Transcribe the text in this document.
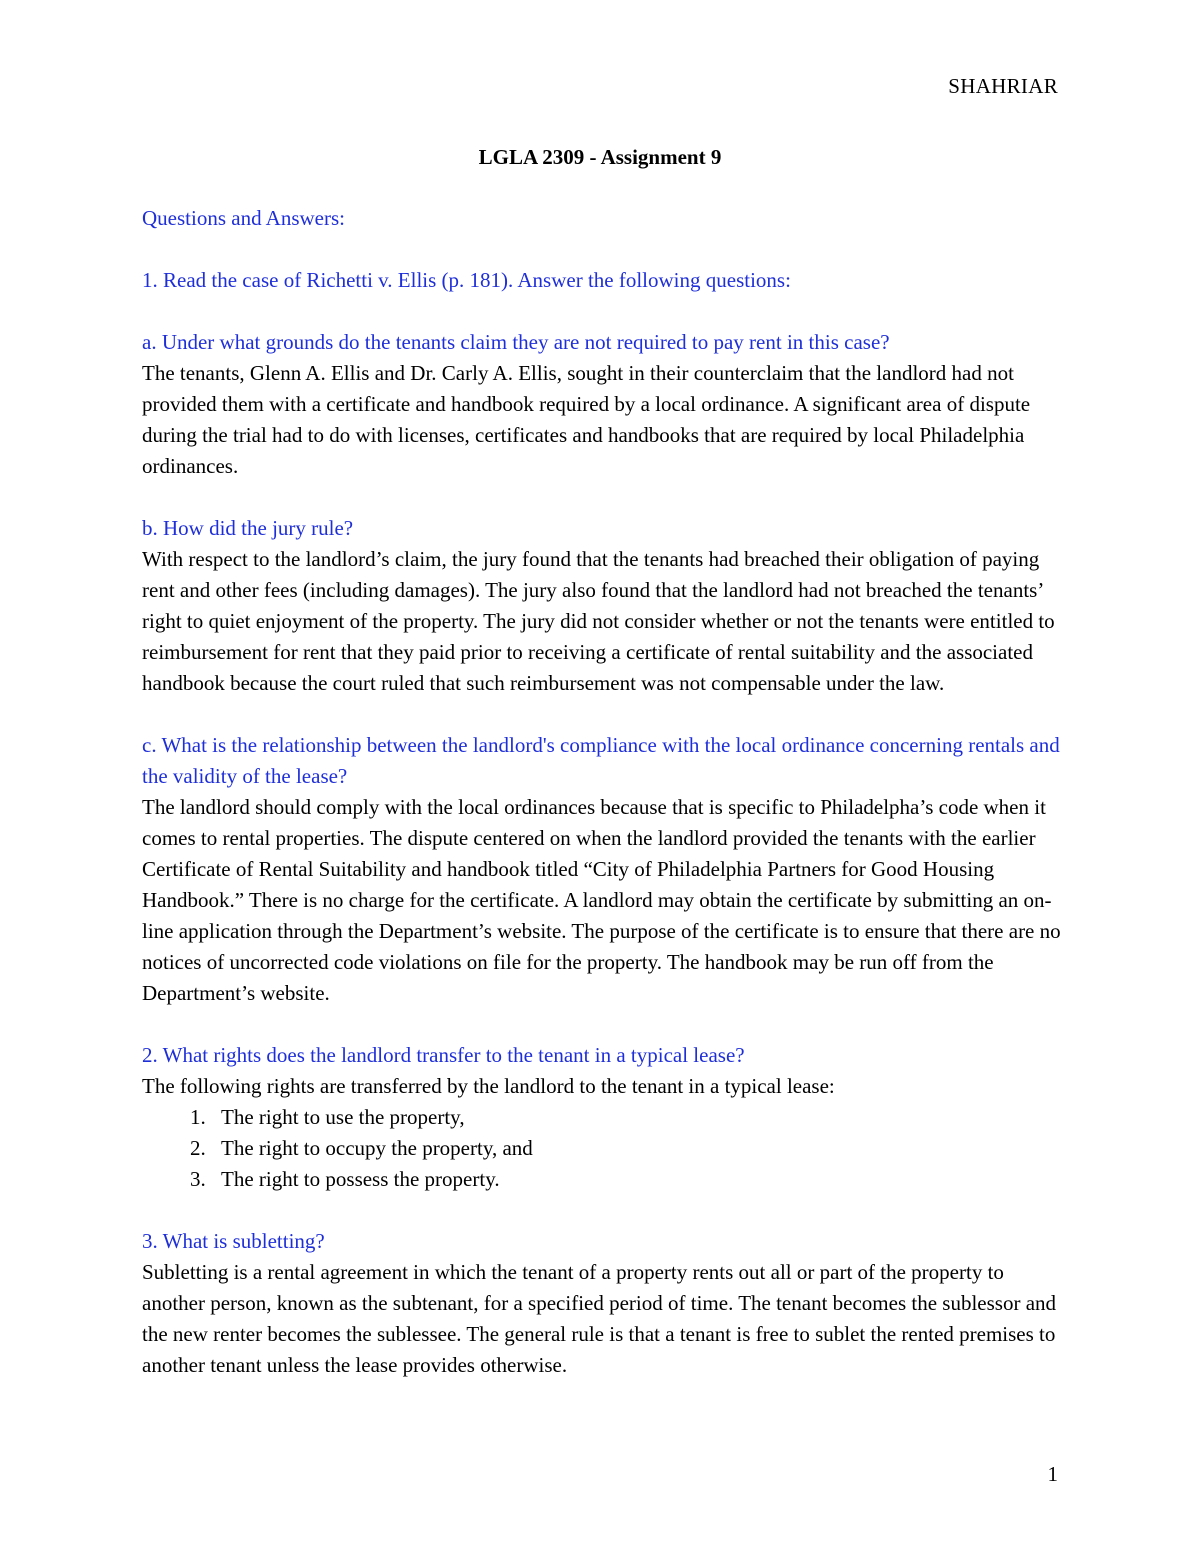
SHAHRIAR
LGLA 2309 - Assignment 9

Questions and Answers:

1. Read the case of Richetti v. Ellis (p. 181). Answer the following questions:

a. Under what grounds do the tenants claim they are not required to pay rent in this case?

The tenants, Glenn A. Ellis and Dr. Carly A. Ellis, sought in their counterclaim that the landlord had not provided them with a certificate and handbook required by a local ordinance. A significant area of dispute during the trial had to do with licenses, certificates and handbooks that are required by local Philadelphia ordinances.

b. How did the jury rule?

With respect to the landlord’s claim, the jury found that the tenants had breached their obligation of paying rent and other fees (including damages). The jury also found that the landlord had not breached the tenants’ right to quiet enjoyment of the property. The jury did not consider whether or not the tenants were entitled to reimbursement for rent that they paid prior to receiving a certificate of rental suitability and the associated handbook because the court ruled that such reimbursement was not compensable under the law.

c. What is the relationship between the landlord's compliance with the local ordinance concerning rentals and the validity of the lease?

The landlord should comply with the local ordinances because that is specific to Philadelpha’s code when it comes to rental properties. The dispute centered on when the landlord provided the tenants with the earlier Certificate of Rental Suitability and handbook titled “City of Philadelphia Partners for Good Housing Handbook.” There is no charge for the certificate. A landlord may obtain the certificate by submitting an on-line application through the Department’s website. The purpose of the certificate is to ensure that there are no notices of uncorrected code violations on file for the property. The handbook may be run off from the Department’s website.

2. What rights does the landlord transfer to the tenant in a typical lease?

The following rights are transferred by the landlord to the tenant in a typical lease:

1. The right to use the property,
2. The right to occupy the property, and
3. The right to possess the property.

3. What is subletting?

Subletting is a rental agreement in which the tenant of a property rents out all or part of the property to another person, known as the subtenant, for a specified period of time. The tenant becomes the sublessor and the new renter becomes the sublessee. The general rule is that a tenant is free to sublet the rented premises to another tenant unless the lease provides otherwise.

1
